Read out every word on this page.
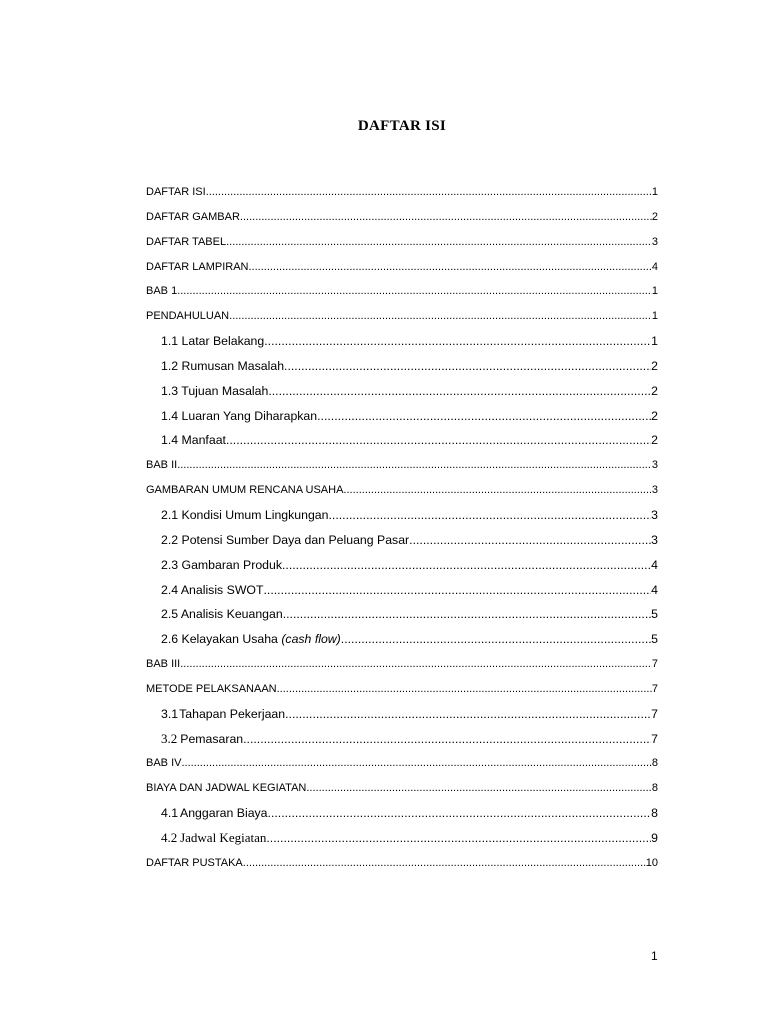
DAFTAR ISI
DAFTAR ISI .....	1
DAFTAR GAMBAR .....	2
DAFTAR TABEL .....	3
DAFTAR LAMPIRAN .....	4
BAB 1 .....	1
PENDAHULUAN .....	1
1.1 Latar Belakang .....	1
1.2 Rumusan Masalah .....	2
1.3 Tujuan Masalah .....	2
1.4 Luaran Yang Diharapkan .....	2
1.4 Manfaat .....	2
BAB II .....	3
GAMBARAN UMUM RENCANA USAHA .....	3
2.1 Kondisi Umum Lingkungan .....	3
2.2 Potensi Sumber Daya dan Peluang Pasar .....	3
2.3 Gambaran Produk .....	4
2.4 Analisis SWOT .....	4
2.5 Analisis Keuangan .....	5
2.6 Kelayakan Usaha (cash flow) .....	5
BAB III .....	7
METODE PELAKSANAAN .....	7
3.1 Tahapan Pekerjaan .....	7
3.2 Pemasaran .....	7
BAB IV .....	8
BIAYA DAN JADWAL KEGIATAN .....	8
4.1 Anggaran Biaya .....	8
4.2 Jadwal Kegiatan .....	9
DAFTAR PUSTAKA .....	10
1
